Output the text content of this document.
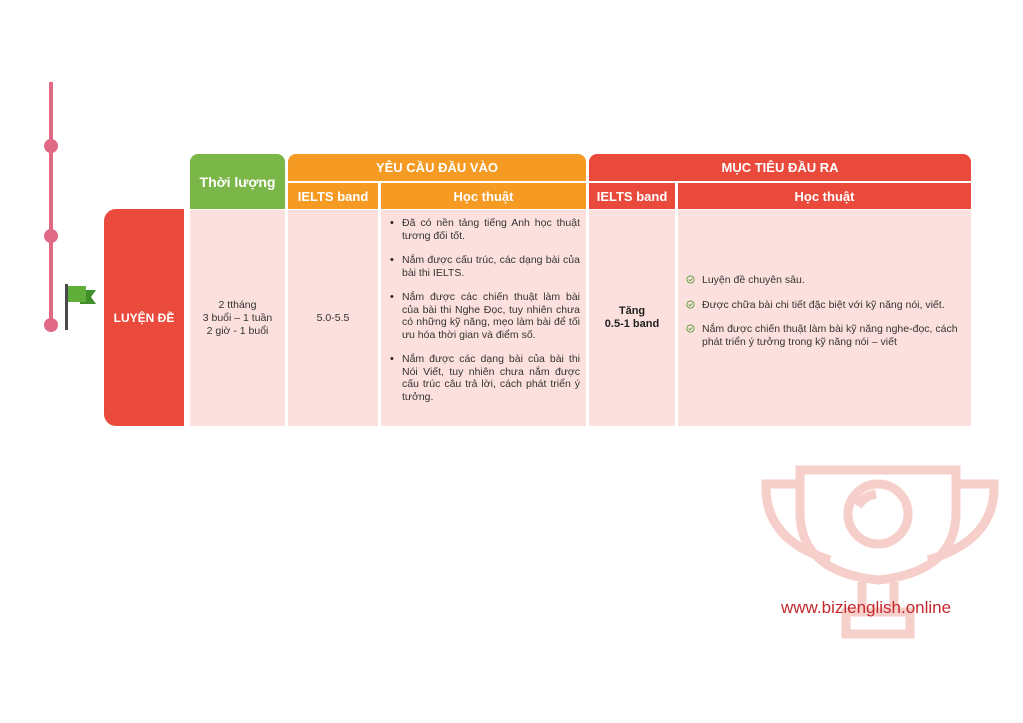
LUYỆN ĐỀ
Thời lượng
YÊU CẦU ĐẦU VÀO
IELTS band	Học thuật
MỤC TIÊU ĐẦU RA
IELTS band	Học thuật
2 ttháng
3 buổi – 1 tuần
2 giờ - 1 buổi
5.0-5.5
• Đã có nền tảng tiếng Anh học thuật tương đối tốt.
• Nắm được cấu trúc, các dạng bài của bài thi IELTS.
• Nắm được các chiến thuật làm bài của bài thi Nghe Đọc, tuy nhiên chưa có những kỹ năng, mẹo làm bài để tối ưu hóa thời gian và điểm số.
• Nắm được các dạng bài của bài thi Nói Viết, tuy nhiên chưa nắm được cấu trúc câu trả lời, cách phát triển ý tưởng.
Tăng
0.5-1 band
Luyện đề chuyên sâu.
Được chữa bài chi tiết đặc biệt với kỹ năng nói, viết.
Nắm được chiến thuật làm bài kỹ năng nghe-đọc, cách phát triển ý tưởng trong kỹ năng nói – viết
www.bizienglish.online
